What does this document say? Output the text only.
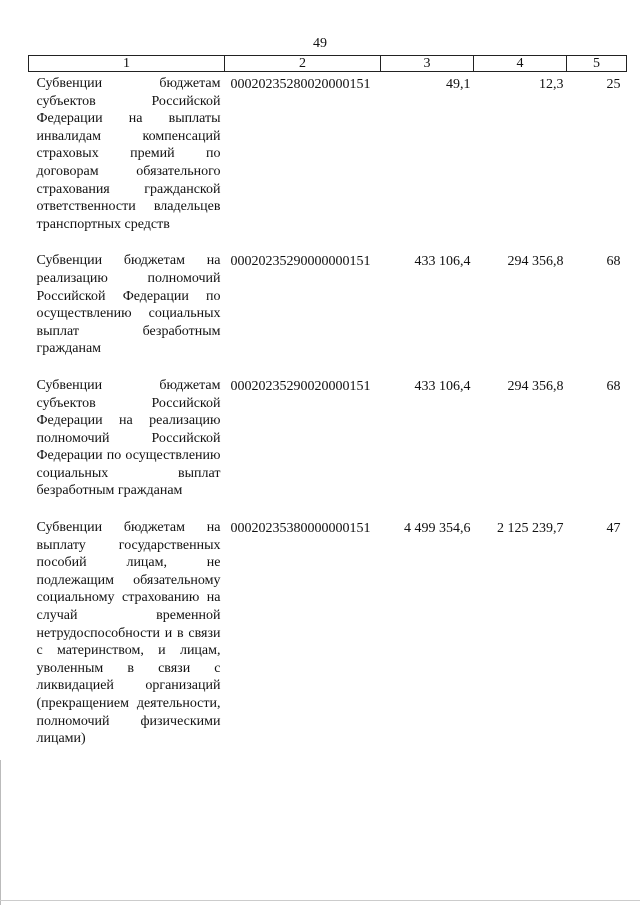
49
1	2	3	4	5
Субвенции бюджетам субъектов Российской Федерации на выплаты инвалидам компенсаций страховых премий по договорам обязательного страхования гражданской ответственности владельцев транспортных средств	00020235280020000151	49,1	12,3	25
Субвенции бюджетам на реализацию полномочий Российской Федерации по осуществлению социальных выплат безработным гражданам	00020235290000000151	433 106,4	294 356,8	68
Субвенции бюджетам субъектов Российской Федерации на реализацию полномочий Российской Федерации по осуществлению социальных выплат безработным гражданам	00020235290020000151	433 106,4	294 356,8	68
Субвенции бюджетам на выплату государственных пособий лицам, не подлежащим обязательному социальному страхованию на случай временной нетрудоспособности и в связи с материнством, и лицам, уволенным в связи с ликвидацией организаций (прекращением деятельности, полномочий физическими лицами)	00020235380000000151	4 499 354,6	2 125 239,7	47
